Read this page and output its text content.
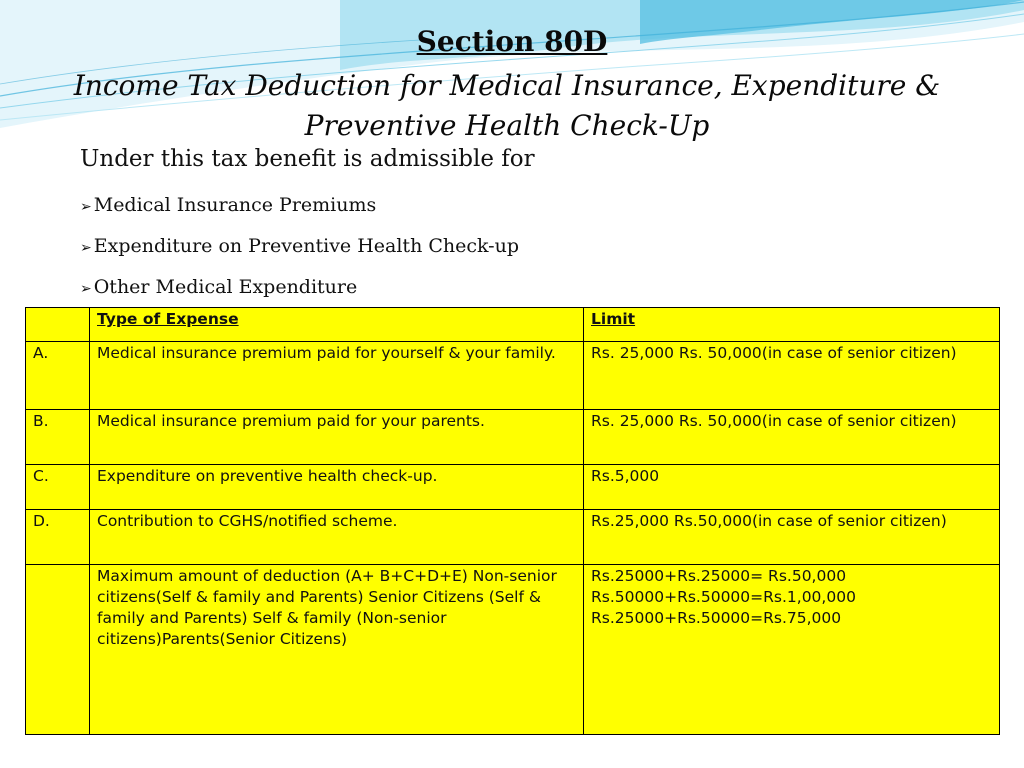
Section 80D
Income Tax Deduction for Medical Insurance, Expenditure & Preventive Health Check-Up
Under this tax benefit is admissible for
➢ Medical Insurance Premiums
➢ Expenditure on Preventive Health Check-up
➢ Other Medical Expenditure
	Type of Expense	Limit
A.	Medical insurance premium paid for yourself & your family.	Rs. 25,000 Rs. 50,000(in case of senior citizen)
B.	Medical insurance premium paid for your parents.	Rs. 25,000 Rs. 50,000(in case of senior citizen)
C.	Expenditure on preventive health check-up.	Rs.5,000
D.	Contribution to CGHS/notified scheme.	Rs.25,000 Rs.50,000(in case of senior citizen)
	Maximum amount of deduction (A+ B+C+D+E) Non-senior citizens(Self & family and Parents) Senior Citizens (Self & family and Parents) Self & family (Non-senior citizens)Parents(Senior Citizens)	Rs.25000+Rs.25000= Rs.50,000
Rs.50000+Rs.50000=Rs.1,00,000
Rs.25000+Rs.50000=Rs.75,000
